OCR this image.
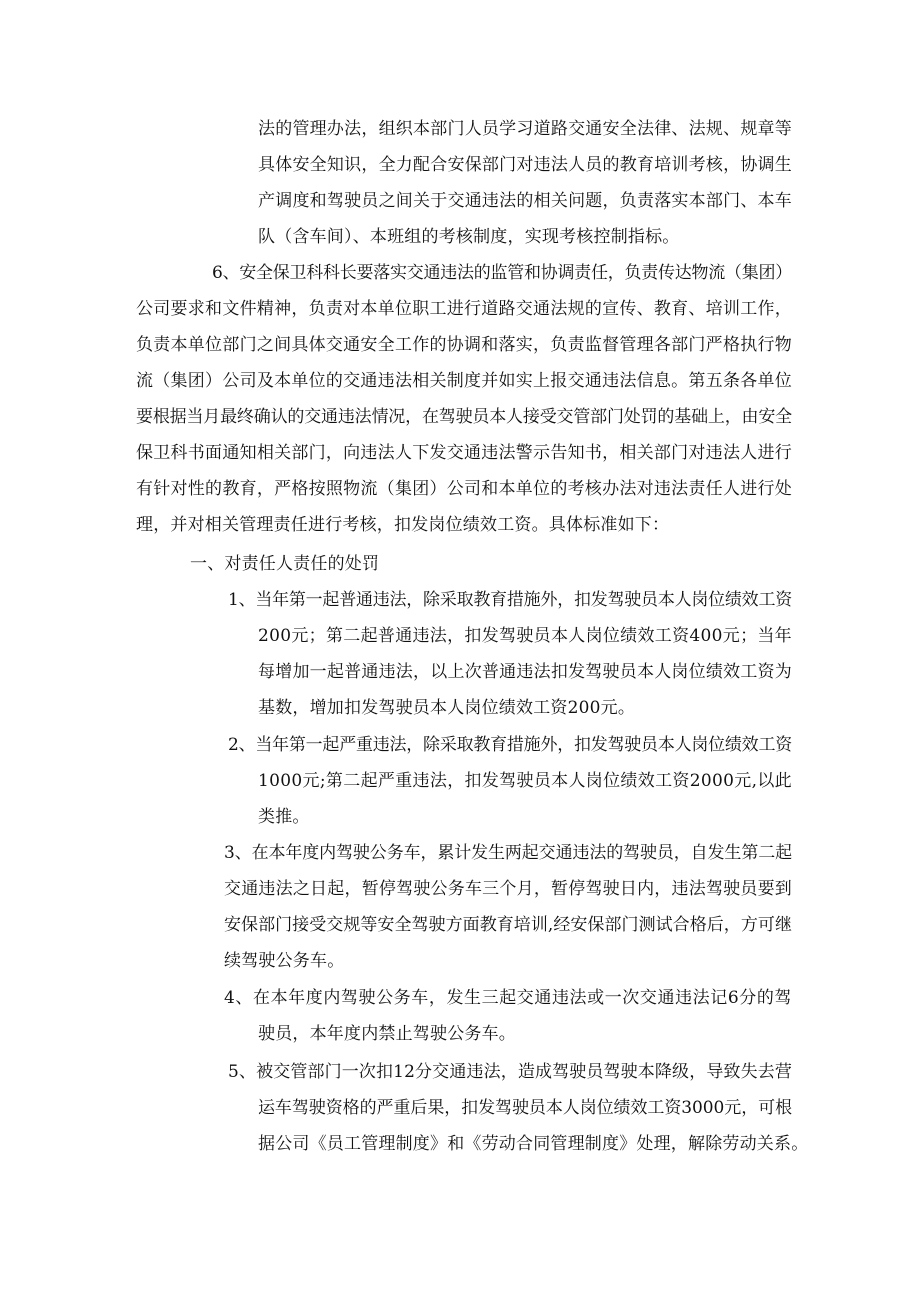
法的管理办法，组织本部门人员学习道路交通安全法律、法规、规章等
具体安全知识，全力配合安保部门对违法人员的教育培训考核，协调生
产调度和驾驶员之间关于交通违法的相关问题，负责落实本部门、本车
队（含车间）、本班组的考核制度，实现考核控制指标。
6、安全保卫科科长要落实交通违法的监管和协调责任，负责传达物流（集团）
公司要求和文件精神，负责对本单位职工进行道路交通法规的宣传、教育、培训工作，
负责本单位部门之间具体交通安全工作的协调和落实，负责监督管理各部门严格执行物
流（集团）公司及本单位的交通违法相关制度并如实上报交通违法信息。第五条各单位
要根据当月最终确认的交通违法情况，在驾驶员本人接受交管部门处罚的基础上，由安全
保卫科书面通知相关部门，向违法人下发交通违法警示告知书，相关部门对违法人进行
有针对性的教育，严格按照物流（集团）公司和本单位的考核办法对违法责任人进行处
理，并对相关管理责任进行考核，扣发岗位绩效工资。具体标准如下：
一、对责任人责任的处罚
1、当年第一起普通违法，除采取教育措施外，扣发驾驶员本人岗位绩效工资
200元；第二起普通违法，扣发驾驶员本人岗位绩效工资400元；当年
每增加一起普通违法，以上次普通违法扣发驾驶员本人岗位绩效工资为
基数，增加扣发驾驶员本人岗位绩效工资200元。
2、当年第一起严重违法，除采取教育措施外，扣发驾驶员本人岗位绩效工资
1000元;第二起严重违法，扣发驾驶员本人岗位绩效工资2000元,以此
类推。
3、在本年度内驾驶公务车，累计发生两起交通违法的驾驶员，自发生第二起
交通违法之日起，暂停驾驶公务车三个月，暂停驾驶日内，违法驾驶员要到
安保部门接受交规等安全驾驶方面教育培训,经安保部门测试合格后，方可继
续驾驶公务车。
4、在本年度内驾驶公务车，发生三起交通违法或一次交通违法记6分的驾
驶员，本年度内禁止驾驶公务车。
5、被交管部门一次扣12分交通违法，造成驾驶员驾驶本降级，导致失去营
运车驾驶资格的严重后果，扣发驾驶员本人岗位绩效工资3000元，可根
据公司《员工管理制度》和《劳动合同管理制度》处理，解除劳动关系。
